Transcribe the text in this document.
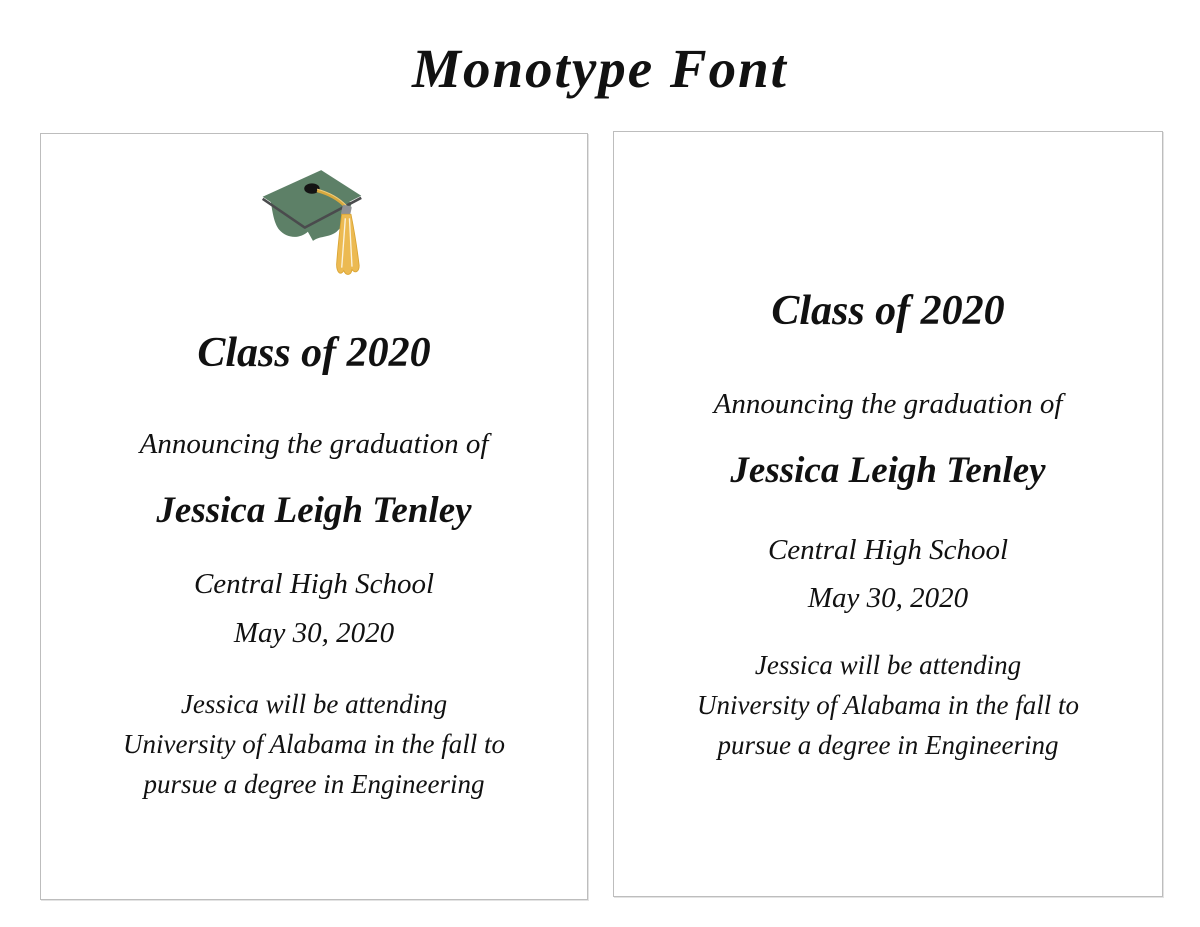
Monotype Font
Class of 2020
Announcing the graduation of
Jessica Leigh Tenley
Central High School
May 30, 2020
Jessica will be attending
University of Alabama in the fall to
pursue a degree in Engineering
Class of 2020
Announcing the graduation of
Jessica Leigh Tenley
Central High School
May 30, 2020
Jessica will be attending
University of Alabama in the fall to
pursue a degree in Engineering
